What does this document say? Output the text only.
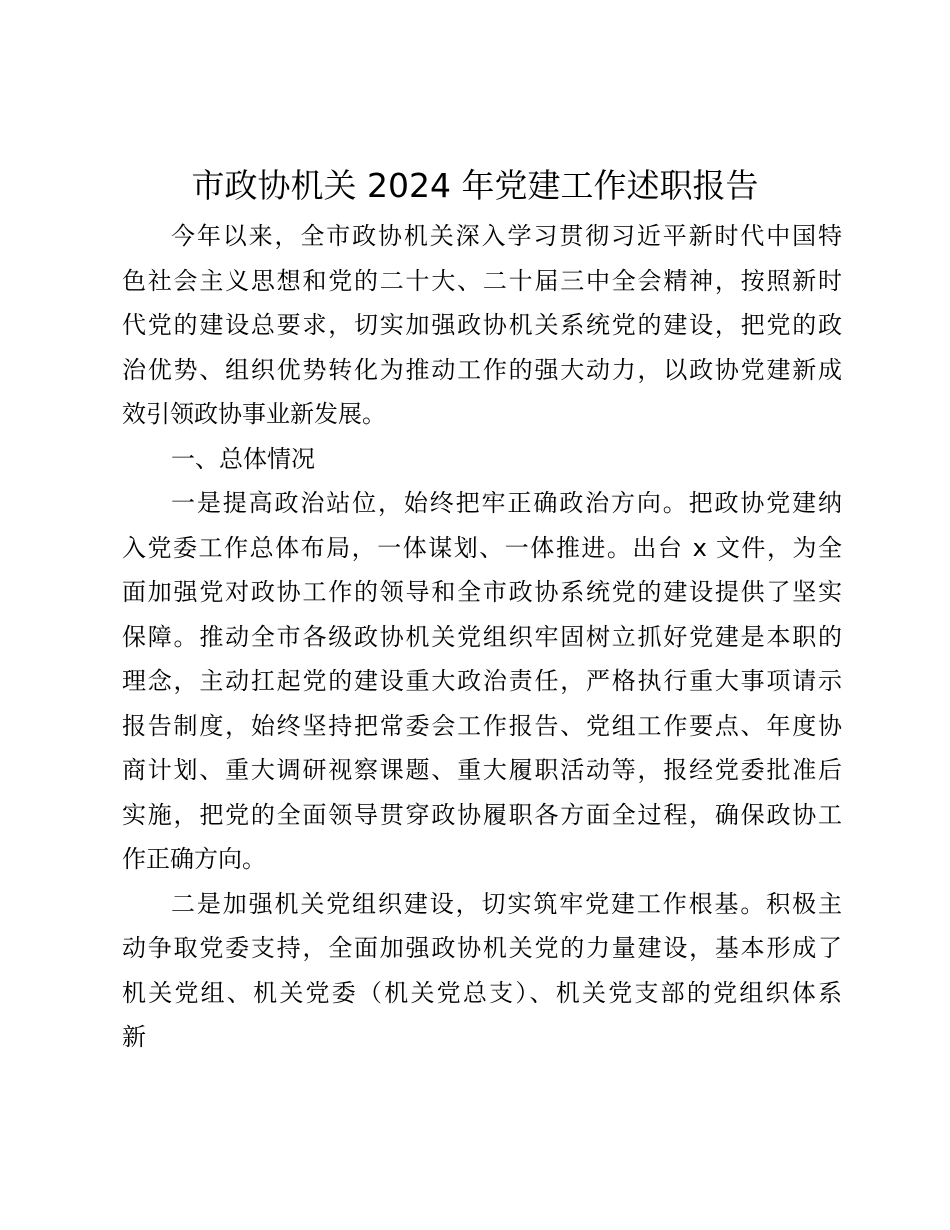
市政协机关 2024 年党建工作述职报告
今年以来，全市政协机关深入学习贯彻习近平新时代中国特
色社会主义思想和党的二十大、二十届三中全会精神，按照新时
代党的建设总要求，切实加强政协机关系统党的建设，把党的政
治优势、组织优势转化为推动工作的强大动力，以政协党建新成
效引领政协事业新发展。
一、总体情况
一是提高政治站位，始终把牢正确政治方向。把政协党建纳
入党委工作总体布局，一体谋划、一体推进。出台 x 文件，为全
面加强党对政协工作的领导和全市政协系统党的建设提供了坚实
保障。推动全市各级政协机关党组织牢固树立抓好党建是本职的
理念，主动扛起党的建设重大政治责任，严格执行重大事项请示
报告制度，始终坚持把常委会工作报告、党组工作要点、年度协
商计划、重大调研视察课题、重大履职活动等，报经党委批准后
实施，把党的全面领导贯穿政协履职各方面全过程，确保政协工
作正确方向。
二是加强机关党组织建设，切实筑牢党建工作根基。积极主
动争取党委支持，全面加强政协机关党的力量建设，基本形成了
机关党组、机关党委（机关党总支）、机关党支部的党组织体系
新
